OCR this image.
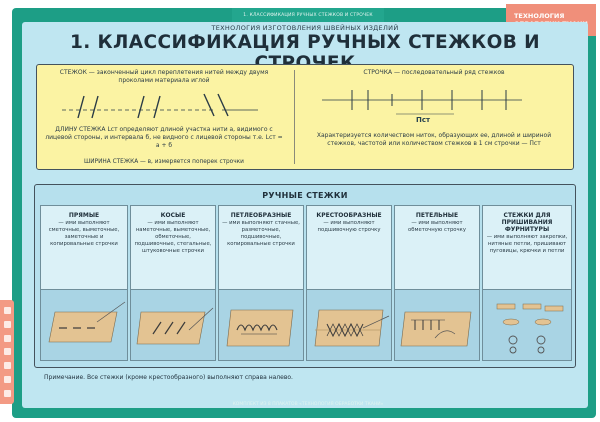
1. КЛАССИФИКАЦИЯ РУЧНЫХ СТЕЖКОВ И СТРОЧЕК	ТЕХНОЛОГИЯ
ТЕХНОЛОГИЯ ИЗГОТОВЛЕНИЯ ШВЕЙНЫХ ИЗДЕЛИЙ
1. КЛАССИФИКАЦИЯ РУЧНЫХ СТЕЖКОВ И
СТЕЖОК — законченный цикл переплетения нитей между двумя проколами материала иглой
ДЛИНУ СТЕЖКА Lст определяют длиной участка нити а, видимого с лицевой стороны, и интервала б, не видного с лицевой стороны т.е. Lст = а + б
ШИРИНА СТЕЖКА — в, измеряется поперек строчки
СТРОЧКА — последовательный ряд стежков
Пст
Характеризуется количеством ниток, образующих ее, длиной и шириной стежков, частотой или количеством стежков в 1 см строчки — Пст
РУЧНЫЕ СТЕЖКИ
ПРЯМЫЕ
— ими выполняют сметочные, выметочные, заметочные и копировальные строчки
КОСЫЕ
— ими выполняют наметочные, выметочные, обметочные, подшивочные, стегальные, штуковочные строчки
ПЕТЛЕОБРАЗНЫЕ
— ими выполняют стачные, разметочные, подшивочные, копировальные строчки
КРЕСТООБРАЗНЫЕ
— ими выполняют подшивочную строчку
ПЕТЕЛЬНЫЕ
— ими выполняют обметочную строчку
СТЕЖКИ ДЛЯ ПРИШИВАНИЯ ФУРНИТУРЫ
— ими выполняют закрепки, нитяные петли, пришивают пуговицы, крючки и петли
Примечание. Все стежки (кроме крестообразного) выполняют справа налево.
КОМПЛЕКТ ИЗ 8 ПЛАКАТОВ «ТЕХНОЛОГИЯ ОБРАБОТКИ ТКАНИ»
